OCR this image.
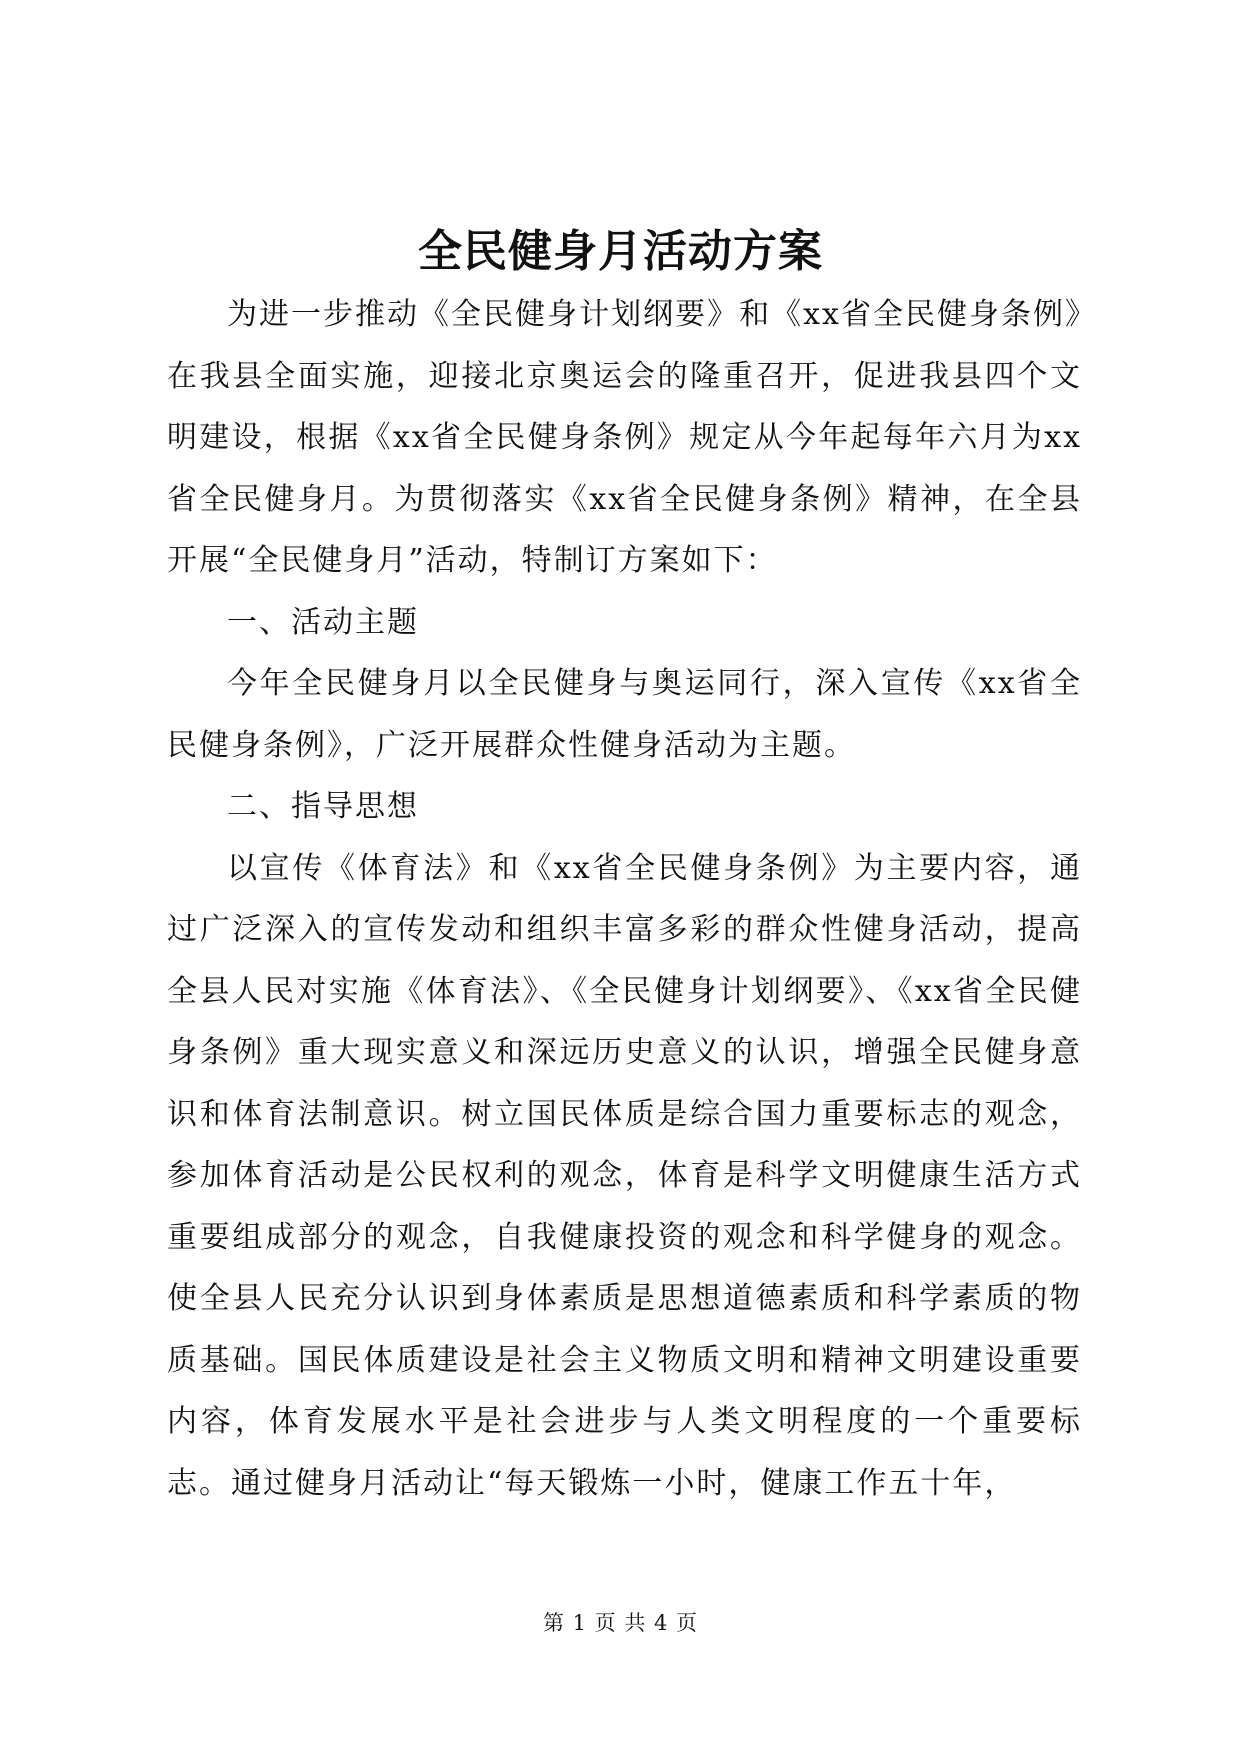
全民健身月活动方案

为进一步推动《全民健身计划纲要》和《xx省全民健身条例》在我县全面实施，迎接北京奥运会的隆重召开，促进我县四个文明建设，根据《xx省全民健身条例》规定从今年起每年六月为xx省全民健身月。为贯彻落实《xx省全民健身条例》精神，在全县开展“全民健身月”活动，特制订方案如下：

一、活动主题

今年全民健身月以全民健身与奥运同行，深入宣传《xx省全民健身条例》，广泛开展群众性健身活动为主题。

二、指导思想

以宣传《体育法》和《xx省全民健身条例》为主要内容，通过广泛深入的宣传发动和组织丰富多彩的群众性健身活动，提高全县人民对实施《体育法》、《全民健身计划纲要》、《xx省全民健身条例》重大现实意义和深远历史意义的认识，增强全民健身意识和体育法制意识。树立国民体质是综合国力重要标志的观念，参加体育活动是公民权利的观念，体育是科学文明健康生活方式重要组成部分的观念，自我健康投资的观念和科学健身的观念。使全县人民充分认识到身体素质是思想道德素质和科学素质的物质基础。国民体质建设是社会主义物质文明和精神文明建设重要内容，体育发展水平是社会进步与人类文明程度的一个重要标志。通过健身月活动让“每天锻炼一小时，健康工作五十年，

第 1 页 共 4 页
